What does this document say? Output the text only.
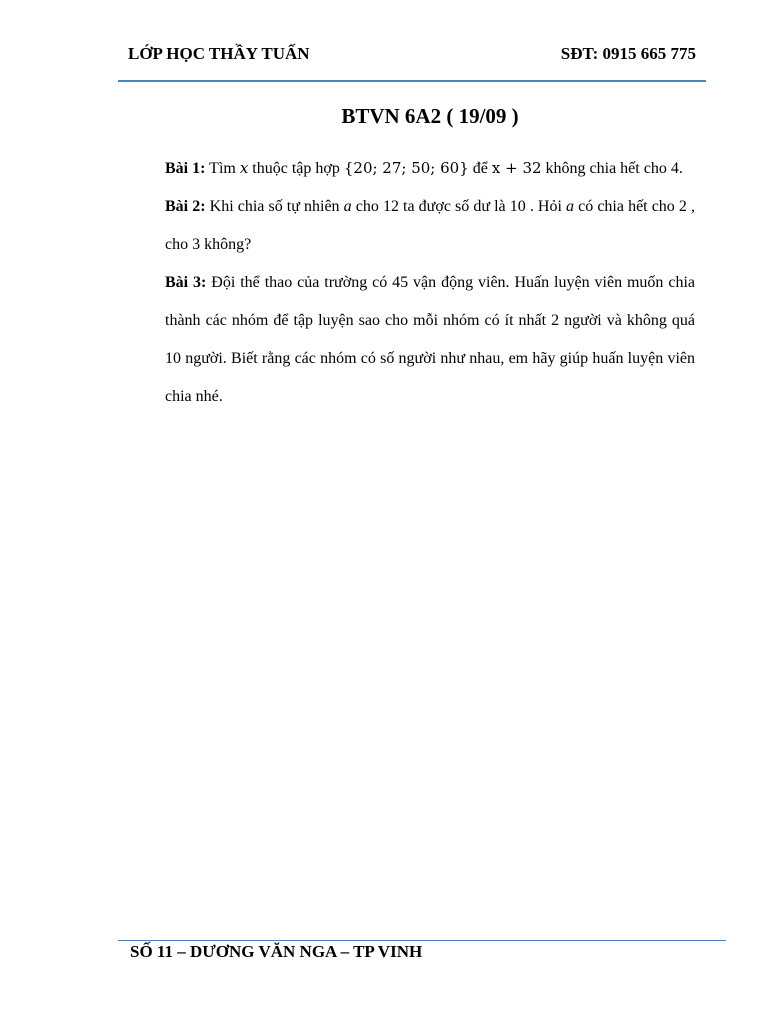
LỚP HỌC THẦY TUẤN	SĐT: 0915 665 775
BTVN 6A2 ( 19/09 )

Bài 1: Tìm x thuộc tập hợp {20; 27; 50; 60} để x + 32 không chia hết cho 4.

Bài 2: Khi chia số tự nhiên a cho 12 ta được số dư là 10 . Hỏi a có chia hết cho 2 , cho 3 không?

Bài 3: Đội thể thao của trường có 45 vận động viên. Huấn luyện viên muốn chia thành các nhóm để tập luyện sao cho mỗi nhóm có ít nhất 2 người và không quá 10 người. Biết rằng các nhóm có số người như nhau, em hãy giúp huấn luyện viên chia nhé.

SỐ 11 – DƯƠNG VĂN NGA – TP VINH
